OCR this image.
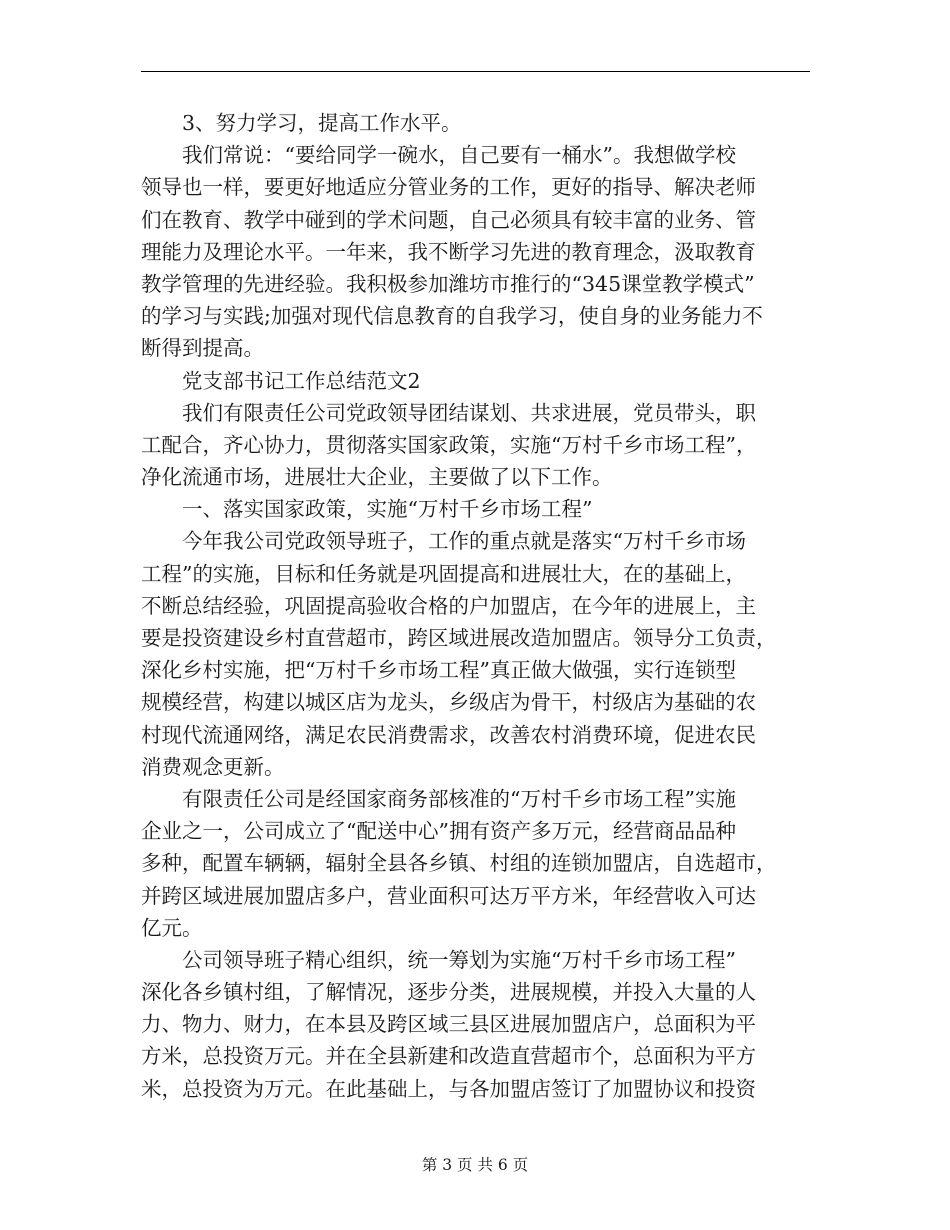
3、努力学习，提高工作水平。
我们常说：“要给同学一碗水，自己要有一桶水”。我想做学校
领导也一样，要更好地适应分管业务的工作，更好的指导、解决老师
们在教育、教学中碰到的学术问题，自己必须具有较丰富的业务、管
理能力及理论水平。一年来，我不断学习先进的教育理念，汲取教育
教学管理的先进经验。我积极参加潍坊市推行的“345课堂教学模式”
的学习与实践;加强对现代信息教育的自我学习，使自身的业务能力不
断得到提高。
党支部书记工作总结范文2
我们有限责任公司党政领导团结谋划、共求进展，党员带头，职
工配合，齐心协力，贯彻落实国家政策，实施“万村千乡市场工程”，
净化流通市场，进展壮大企业，主要做了以下工作。
一、落实国家政策，实施“万村千乡市场工程”
今年我公司党政领导班子，工作的重点就是落实“万村千乡市场
工程”的实施，目标和任务就是巩固提高和进展壮大，在的基础上，
不断总结经验，巩固提高验收合格的户加盟店，在今年的进展上，主
要是投资建设乡村直营超市，跨区域进展改造加盟店。领导分工负责，
深化乡村实施，把“万村千乡市场工程”真正做大做强，实行连锁型
规模经营，构建以城区店为龙头，乡级店为骨干，村级店为基础的农
村现代流通网络，满足农民消费需求，改善农村消费环境，促进农民
消费观念更新。
有限责任公司是经国家商务部核准的“万村千乡市场工程”实施
企业之一，公司成立了“配送中心”拥有资产多万元，经营商品品种
多种，配置车辆辆，辐射全县各乡镇、村组的连锁加盟店，自选超市，
并跨区域进展加盟店多户，营业面积可达万平方米，年经营收入可达
亿元。
公司领导班子精心组织，统一筹划为实施“万村千乡市场工程”
深化各乡镇村组，了解情况，逐步分类，进展规模，并投入大量的人
力、物力、财力，在本县及跨区域三县区进展加盟店户，总面积为平
方米，总投资万元。并在全县新建和改造直营超市个，总面积为平方
米，总投资为万元。在此基础上，与各加盟店签订了加盟协议和投资
第 3 页 共 6 页
